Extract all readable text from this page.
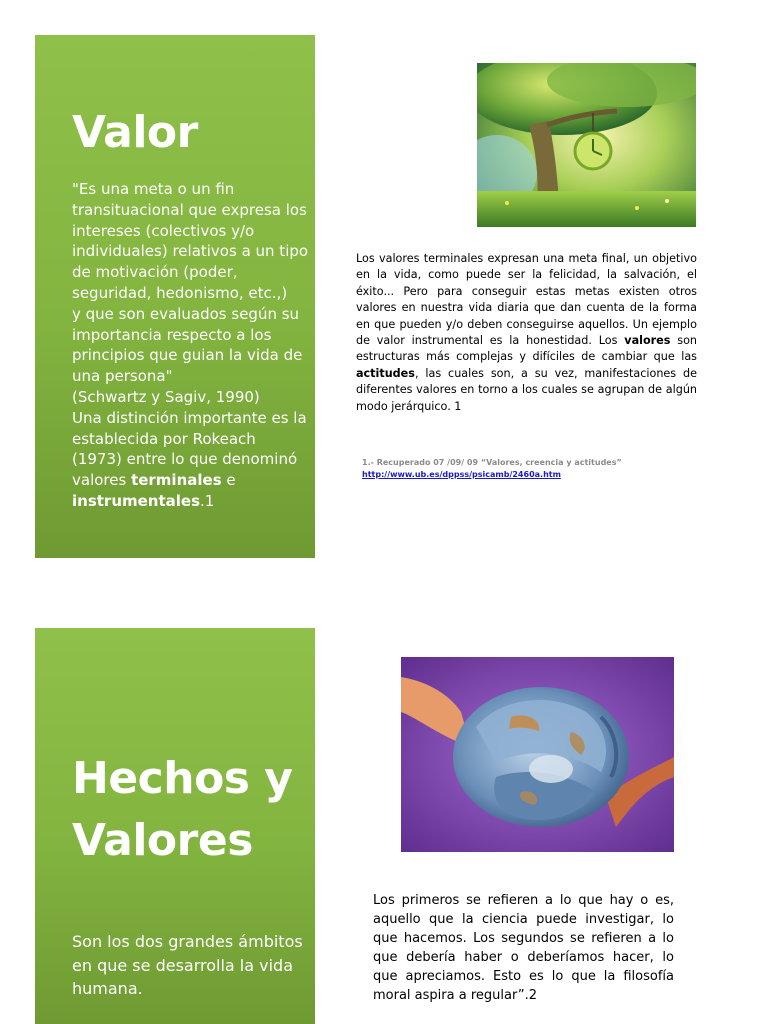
Valor
"Es una meta o un fin transituacional que expresa los intereses (colectivos y/o individuales) relativos a un tipo de motivación (poder, seguridad, hedonismo, etc.,)
y que son evaluados según su importancia respecto a los principios que guian la vida de una persona"
(Schwartz y Sagiv, 1990)
Una distinción importante es la establecida por Rokeach (1973) entre lo que denominó valores terminales e instrumentales.1
Los valores terminales expresan una meta final, un objetivo en la vida, como puede ser la felicidad, la salvación, el éxito... Pero para conseguir estas metas existen otros valores en nuestra vida diaria que dan cuenta de la forma en que pueden y/o deben conseguirse aquellos. Un ejemplo de valor instrumental es la honestidad. Los valores son estructuras más complejas y difíciles de cambiar que las actitudes, las cuales son, a su vez, manifestaciones de diferentes valores en torno a los cuales se agrupan de algún modo jerárquico. 1
1.- Recuperado 07 /09/ 09 “Valores, creencia y actitudes”
http://www.ub.es/dppss/psicamb/2460a.htm
Hechos y
Valores
Son los dos grandes ámbitos en que se desarrolla la vida humana.
Los primeros se refieren a lo que hay o es, aquello que la ciencia puede investigar, lo que hacemos. Los segundos se refieren a lo que debería haber o deberíamos hacer, lo que apreciamos. Esto es lo que la filosofía moral aspira a regular”.2
